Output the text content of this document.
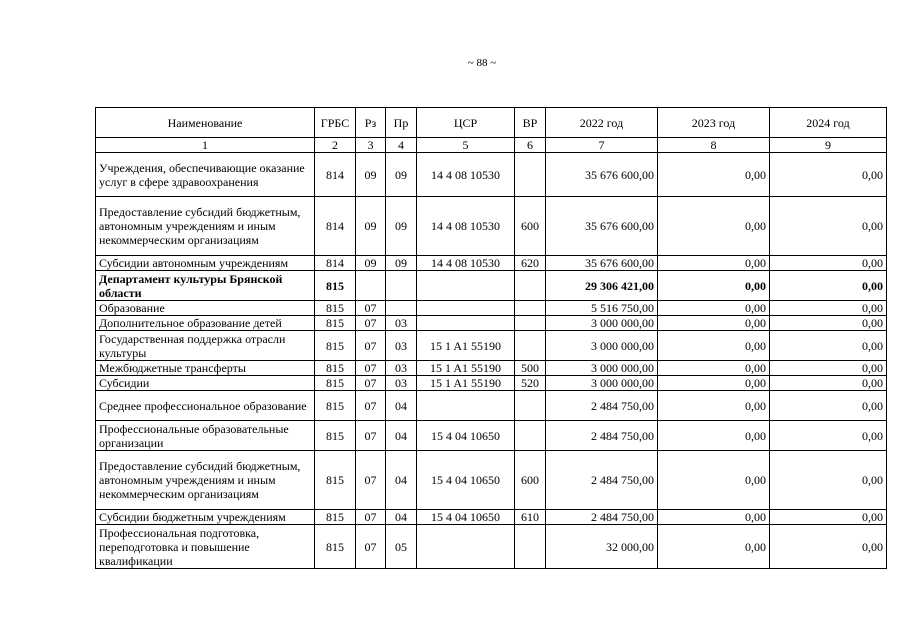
~ 88 ~
Наименование	ГРБС	Рз	Пр	ЦСР	ВР	2022 год	2023 год	2024 год
1	2	3	4	5	6	7	8	9
Учреждения, обеспечивающие оказание услуг в сфере здравоохранения	814	09	09	14 4 08 10530		35 676 600,00	0,00	0,00
Предоставление субсидий бюджетным, автономным учреждениям и иным некоммерческим организациям	814	09	09	14 4 08 10530	600	35 676 600,00	0,00	0,00
Субсидии автономным учреждениям	814	09	09	14 4 08 10530	620	35 676 600,00	0,00	0,00
Департамент культуры Брянской области	815					29 306 421,00	0,00	0,00
Образование	815	07				5 516 750,00	0,00	0,00
Дополнительное образование детей	815	07	03			3 000 000,00	0,00	0,00
Государственная поддержка отрасли культуры	815	07	03	15 1 A1 55190		3 000 000,00	0,00	0,00
Межбюджетные трансферты	815	07	03	15 1 A1 55190	500	3 000 000,00	0,00	0,00
Субсидии	815	07	03	15 1 A1 55190	520	3 000 000,00	0,00	0,00
Среднее профессиональное образование	815	07	04			2 484 750,00	0,00	0,00
Профессиональные образовательные организации	815	07	04	15 4 04 10650		2 484 750,00	0,00	0,00
Предоставление субсидий бюджетным, автономным учреждениям и иным некоммерческим организациям	815	07	04	15 4 04 10650	600	2 484 750,00	0,00	0,00
Субсидии бюджетным учреждениям	815	07	04	15 4 04 10650	610	2 484 750,00	0,00	0,00
Профессиональная подготовка, переподготовка и повышение квалификации	815	07	05			32 000,00	0,00	0,00
